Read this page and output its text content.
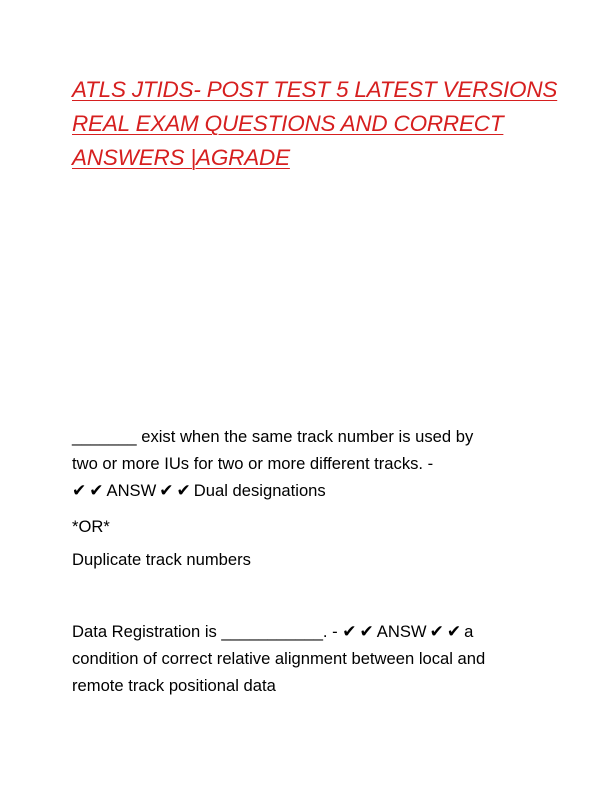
ATLS JTIDS- POST TEST 5 LATEST VERSIONS
REAL EXAM QUESTIONS AND CORRECT
ANSWERS |AGRADE
_______ exist when the same track number is used by
two or more IUs for two or more different tracks. -
✔ ✔ ANSW ✔ ✔ Dual designations
*OR*
Duplicate track numbers
Data Registration is ___________. - ✔ ✔ ANSW ✔ ✔ a
condition of correct relative alignment between local and
remote track positional data
